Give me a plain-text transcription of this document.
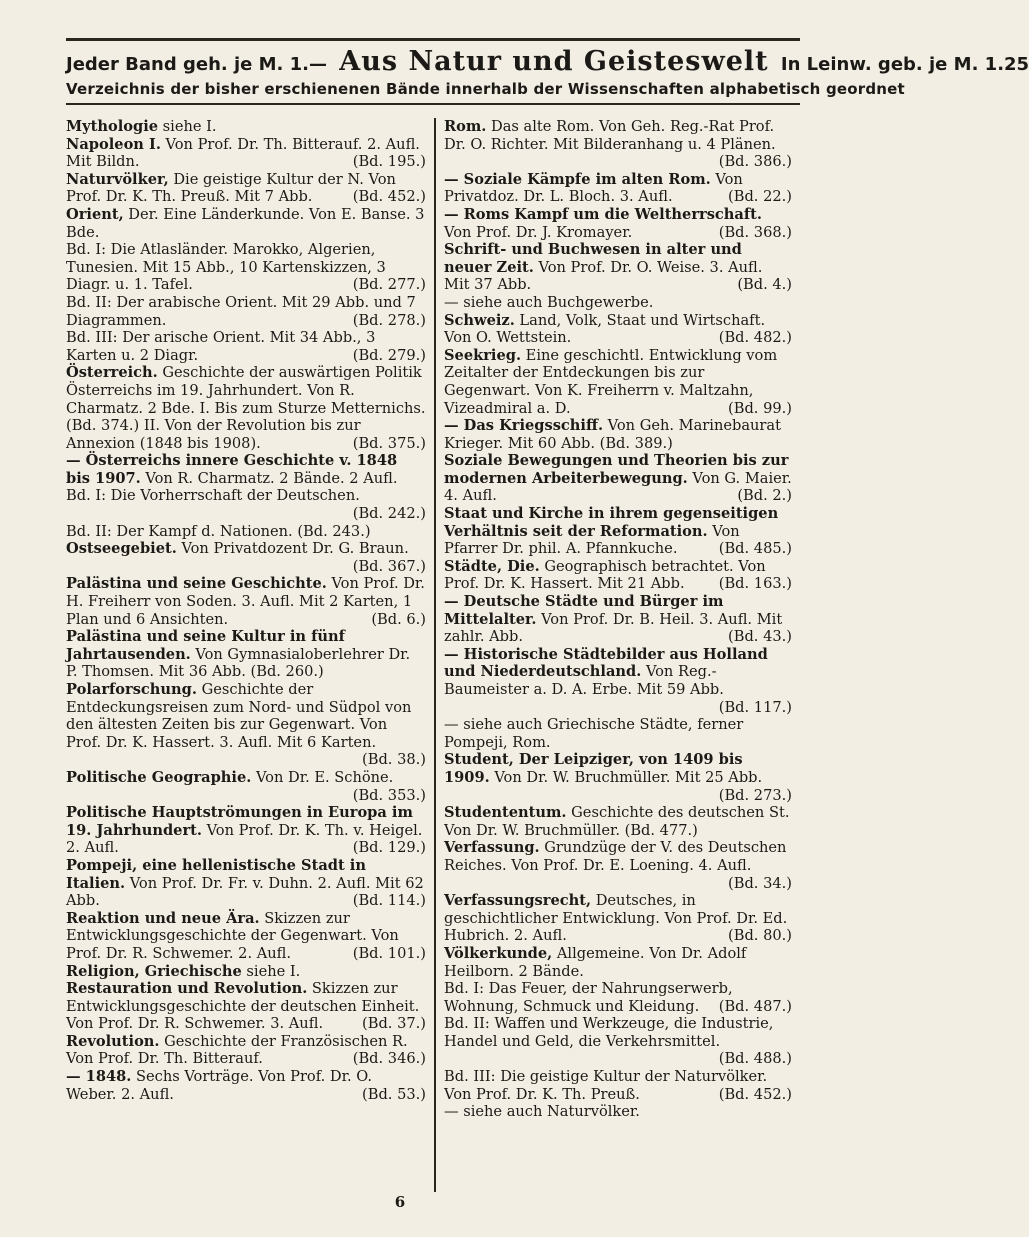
Jeder Band geh. je M. 1.— Aus Natur und Geisteswelt In Leinw. geb. je M. 1.25
Verzeichnis der bisher erschienenen Bände innerhalb der Wissenschaften alphabetisch geordnet
Mythologie siehe I.
Napoleon I. Von Prof. Dr. Th. Bitterauf. 2. Aufl. Mit Bildn.	(Bd. 195.)
Naturvölker, Die geistige Kultur der N. Von Prof. Dr. K. Th. Preuß. Mit 7 Abb.	(Bd. 452.)
Orient, Der. Eine Länderkunde. Von E. Banse. 3 Bde.
Bd. I: Die Atlasländer. Marokko, Algerien, Tunesien. Mit 15 Abb., 10 Kartenskizzen, 3 Diagr. u. 1. Tafel.	(Bd. 277.)
Bd. II: Der arabische Orient. Mit 29 Abb. und 7 Diagrammen.	(Bd. 278.)
Bd. III: Der arische Orient. Mit 34 Abb., 3 Karten u. 2 Diagr.	(Bd. 279.)
Österreich. Geschichte der auswärtigen Politik Österreichs im 19. Jahrhundert. Von R. Charmatz. 2 Bde. I. Bis zum Sturze Metternichs. (Bd. 374.) II. Von der Revolution bis zur Annexion (1848 bis 1908).	(Bd. 375.)
— Österreichs innere Geschichte v. 1848 bis 1907. Von R. Charmatz. 2 Bände. 2 Aufl.
Bd. I: Die Vorherrschaft der Deutschen.
(Bd. 242.)
Bd. II: Der Kampf d. Nationen. (Bd. 243.)
Ostseegebiet. Von Privatdozent Dr. G. Braun.
(Bd. 367.)
Palästina und seine Geschichte. Von Prof. Dr. H. Freiherr von Soden. 3. Aufl. Mit 2 Karten, 1 Plan und 6 Ansichten.	(Bd. 6.)
Palästina und seine Kultur in fünf Jahrtausenden. Von Gymnasialoberlehrer Dr. P. Thomsen. Mit 36 Abb. (Bd. 260.)
Polarforschung. Geschichte der Entdeckungsreisen zum Nord- und Südpol von den ältesten Zeiten bis zur Gegenwart. Von Prof. Dr. K. Hassert. 3. Aufl. Mit 6 Karten.
(Bd. 38.)
Politische Geographie. Von Dr. E. Schöne.
(Bd. 353.)
Politische Hauptströmungen in Europa im 19. Jahrhundert. Von Prof. Dr. K. Th. v. Heigel. 2. Aufl.	(Bd. 129.)
Pompeji, eine hellenistische Stadt in Italien. Von Prof. Dr. Fr. v. Duhn. 2. Aufl. Mit 62 Abb.	(Bd. 114.)
Reaktion und neue Ära. Skizzen zur Entwicklungsgeschichte der Gegenwart. Von Prof. Dr. R. Schwemer. 2. Aufl.	(Bd. 101.)
Religion, Griechische siehe I.
Restauration und Revolution. Skizzen zur Entwicklungsgeschichte der deutschen Einheit. Von Prof. Dr. R. Schwemer. 3. Aufl.	(Bd. 37.)
Revolution. Geschichte der Französischen R. Von Prof. Dr. Th. Bitterauf.	(Bd. 346.)
— 1848. Sechs Vorträge. Von Prof. Dr. O. Weber. 2. Aufl.	(Bd. 53.)
Rom. Das alte Rom. Von Geh. Reg.-Rat Prof. Dr. O. Richter. Mit Bilderanhang u. 4 Plänen.
(Bd. 386.)
— Soziale Kämpfe im alten Rom. Von Privatdoz. Dr. L. Bloch. 3. Aufl.	(Bd. 22.)
— Roms Kampf um die Weltherrschaft. Von Prof. Dr. J. Kromayer.	(Bd. 368.)
Schrift- und Buchwesen in alter und neuer Zeit. Von Prof. Dr. O. Weise. 3. Aufl. Mit 37 Abb.	(Bd. 4.)
— siehe auch Buchgewerbe.
Schweiz. Land, Volk, Staat und Wirtschaft. Von O. Wettstein.	(Bd. 482.)
Seekrieg. Eine geschichtl. Entwicklung vom Zeitalter der Entdeckungen bis zur Gegenwart. Von K. Freiherrn v. Maltzahn, Vizeadmiral a. D.	(Bd. 99.)
— Das Kriegsschiff. Von Geh. Marinebaurat Krieger. Mit 60 Abb. (Bd. 389.)
Soziale Bewegungen und Theorien bis zur modernen Arbeiterbewegung. Von G. Maier. 4. Aufl.	(Bd. 2.)
Staat und Kirche in ihrem gegenseitigen Verhältnis seit der Reformation. Von Pfarrer Dr. phil. A. Pfannkuche.	(Bd. 485.)
Städte, Die. Geographisch betrachtet. Von Prof. Dr. K. Hassert. Mit 21 Abb. (Bd. 163.)
— Deutsche Städte und Bürger im Mittelalter. Von Prof. Dr. B. Heil. 3. Aufl. Mit zahlr. Abb.	(Bd. 43.)
— Historische Städtebilder aus Holland und Niederdeutschland. Von Reg.-Baumeister a. D. A. Erbe. Mit 59 Abb.
(Bd. 117.)
— siehe auch Griechische Städte, ferner Pompeji, Rom.
Student, Der Leipziger, von 1409 bis 1909. Von Dr. W. Bruchmüller. Mit 25 Abb.
(Bd. 273.)
Studententum. Geschichte des deutschen St. Von Dr. W. Bruchmüller. (Bd. 477.)
Verfassung. Grundzüge der V. des Deutschen Reiches. Von Prof. Dr. E. Loening. 4. Aufl.
(Bd. 34.)
Verfassungsrecht, Deutsches, in geschichtlicher Entwicklung. Von Prof. Dr. Ed. Hubrich. 2. Aufl.	(Bd. 80.)
Völkerkunde, Allgemeine. Von Dr. Adolf Heilborn. 2 Bände.
Bd. I: Das Feuer, der Nahrungserwerb, Wohnung, Schmuck und Kleidung. (Bd. 487.)
Bd. II: Waffen und Werkzeuge, die Industrie, Handel und Geld, die Verkehrsmittel.
(Bd. 488.)
Bd. III: Die geistige Kultur der Naturvölker. Von Prof. Dr. K. Th. Preuß.	(Bd. 452.)
— siehe auch Naturvölker.
6
